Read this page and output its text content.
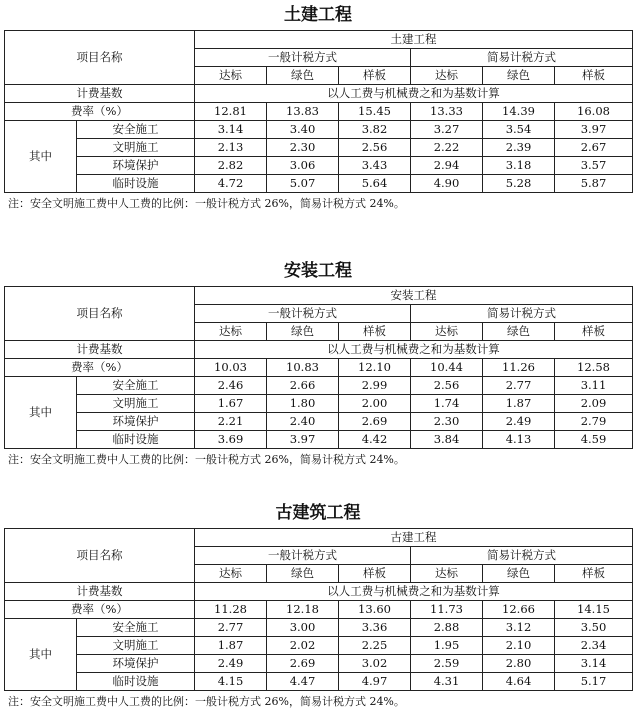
土建工程
项目名称		土建工程					
		一般计税方式			简易计税方式		
		达标	绿色	样板	达标	绿色	样板
计费基数		以人工费与机械费之和为基数计算					
费率（%）		12.81	13.83	15.45	13.33	14.39	16.08
其中	安全施工	3.14	3.40	3.82	3.27	3.54	3.97
	文明施工	2.13	2.30	2.56	2.22	2.39	2.67
	环境保护	2.82	3.06	3.43	2.94	3.18	3.57
	临时设施	4.72	5.07	5.64	4.90	5.28	5.87
注：安全文明施工费中人工费的比例：一般计税方式 26%，简易计税方式 24%。
安装工程
项目名称		安装工程					
		一般计税方式			简易计税方式		
		达标	绿色	样板	达标	绿色	样板
计费基数		以人工费与机械费之和为基数计算					
费率（%）		10.03	10.83	12.10	10.44	11.26	12.58
其中	安全施工	2.46	2.66	2.99	2.56	2.77	3.11
	文明施工	1.67	1.80	2.00	1.74	1.87	2.09
	环境保护	2.21	2.40	2.69	2.30	2.49	2.79
	临时设施	3.69	3.97	4.42	3.84	4.13	4.59
注：安全文明施工费中人工费的比例：一般计税方式 26%，简易计税方式 24%。
古建筑工程
项目名称		古建工程					
		一般计税方式			简易计税方式		
		达标	绿色	样板	达标	绿色	样板
计费基数		以人工费与机械费之和为基数计算					
费率（%）		11.28	12.18	13.60	11.73	12.66	14.15
其中	安全施工	2.77	3.00	3.36	2.88	3.12	3.50
	文明施工	1.87	2.02	2.25	1.95	2.10	2.34
	环境保护	2.49	2.69	3.02	2.59	2.80	3.14
	临时设施	4.15	4.47	4.97	4.31	4.64	5.17
注：安全文明施工费中人工费的比例：一般计税方式 26%，简易计税方式 24%。
